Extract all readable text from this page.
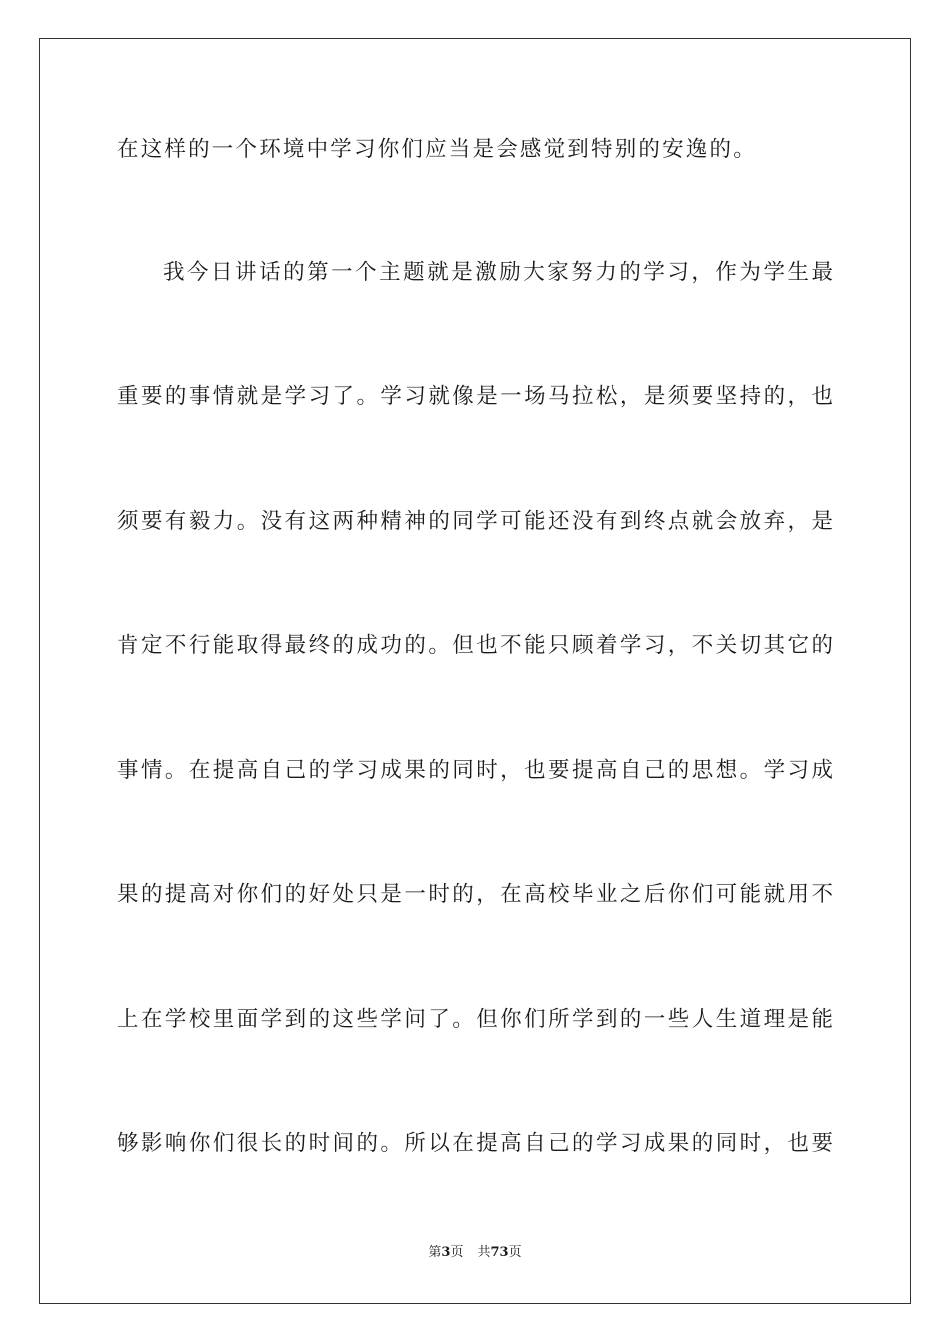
在这样的一个环境中学习你们应当是会感觉到特别的安逸的。
我今日讲话的第一个主题就是激励大家努力的学习，作为学生最
重要的事情就是学习了。学习就像是一场马拉松，是须要坚持的，也
须要有毅力。没有这两种精神的同学可能还没有到终点就会放弃，是
肯定不行能取得最终的成功的。但也不能只顾着学习，不关切其它的
事情。在提高自己的学习成果的同时，也要提高自己的思想。学习成
果的提高对你们的好处只是一时的，在高校毕业之后你们可能就用不
上在学校里面学到的这些学问了。但你们所学到的一些人生道理是能
够影响你们很长的时间的。所以在提高自己的学习成果的同时，也要
第3页 共73页
